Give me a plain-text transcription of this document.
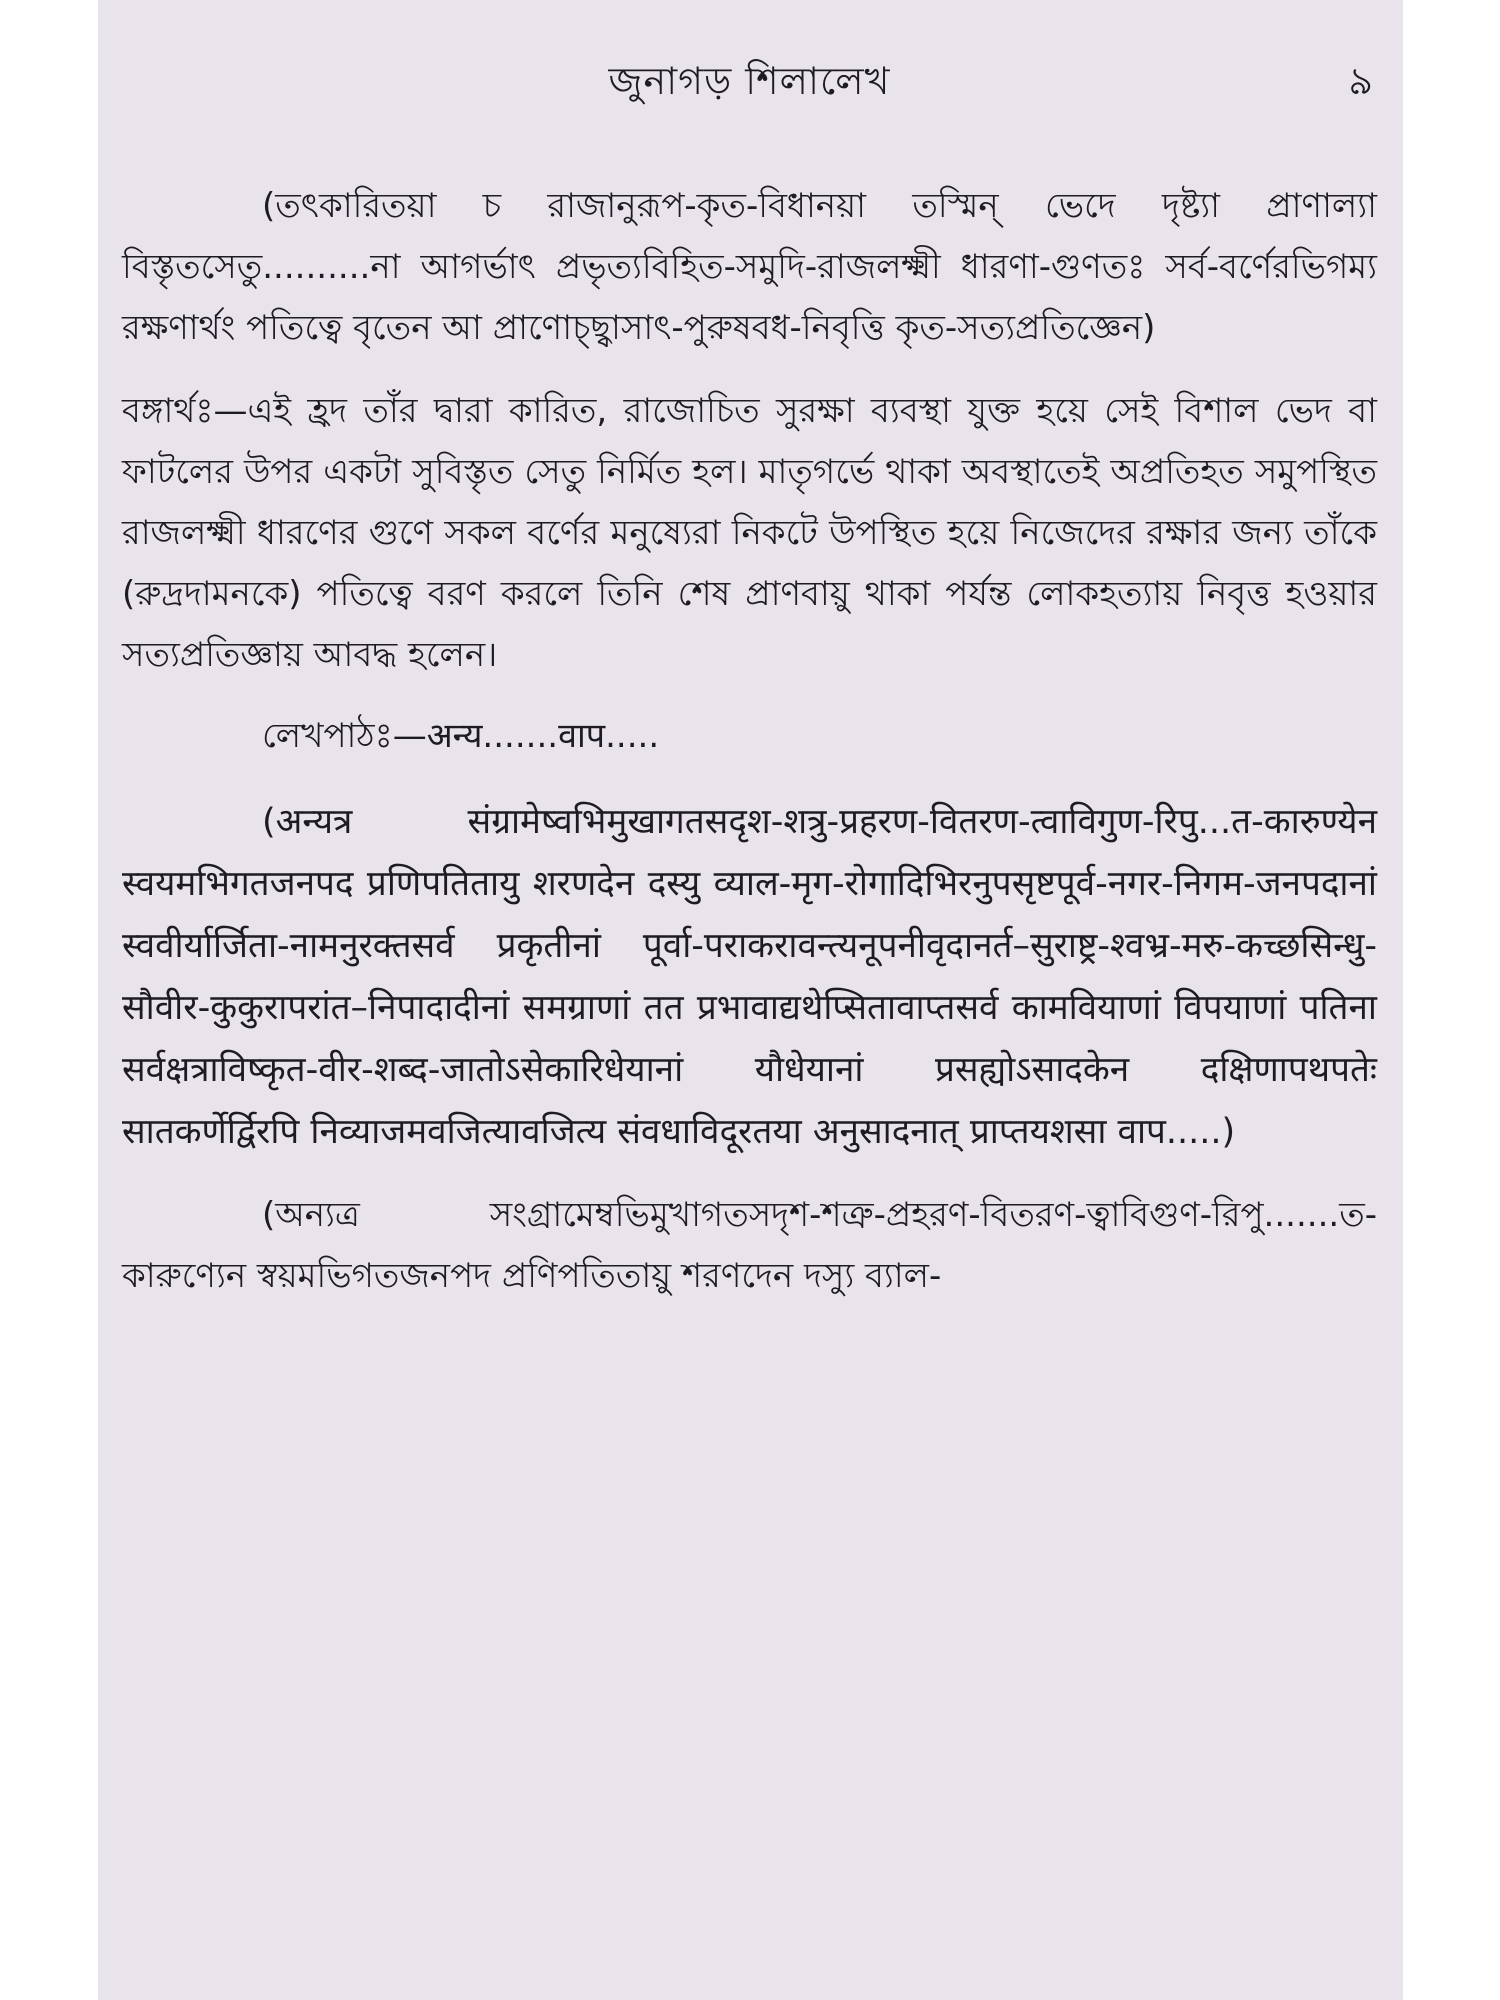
জুনাগড় শিলালেখ	৯

(তৎকারিতয়া চ রাজানুরূপ-কৃত-বিধানয়া তস্মিন্ ভেদে দৃষ্ট্যা প্রাণাল্যা বিস্তৃতসেতু..........না আগর্ভাৎ প্রভৃত্যবিহিত-সমুদি-রাজলক্ষ্মী ধারণা-গুণতঃ সর্ব-বর্ণেরভিগম্য রক্ষণার্থং পতিত্বে বৃতেন আ প্রাণোচ্ছ্বাসাৎ-পুরুষবধ-নিবৃত্তি কৃত-সত্যপ্রতিজ্ঞেন)

বঙ্গার্থঃ—এই হ্রদ তাঁর দ্বারা কারিত, রাজোচিত সুরক্ষা ব্যবস্থা যুক্ত হয়ে সেই বিশাল ভেদ বা ফাটলের উপর একটা সুবিস্তৃত সেতু নির্মিত হল। মাতৃগর্ভে থাকা অবস্থাতেই অপ্রতিহত সমুপস্থিত রাজলক্ষ্মী ধারণের গুণে সকল বর্ণের মনুষ্যেরা নিকটে উপস্থিত হয়ে নিজেদের রক্ষার জন্য তাঁকে (রুদ্রদামনকে) পতিত্বে বরণ করলে তিনি শেষ প্রাণবায়ু থাকা পর্যন্ত লোকহত্যায় নিবৃত্ত হওয়ার সত্যপ্রতিজ্ঞায় আবদ্ধ হলেন।

লেখপাঠঃ—अन्य.......वाप.....

(अन्यत्र संग्रामेष्वभिमुखागतसदृश-शत्रु-प्रहरण-वितरण-त्वाविगुण-रिपु...त-कारुण्येन स्वयमभिगतजनपद प्रणिपतितायु शरणदेन दस्यु व्याल-मृग-रोगादिभिरनुपसृष्टपूर्व-नगर-निगम-जनपदानां स्ववीर्यार्जिता-नामनुरक्तसर्व प्रकृतीनां पूर्वा-पराकरावन्त्यनूपनीवृदानर्त–सुराष्ट्र-श्वभ्र-मरु-कच्छसिन्धु-सौवीर-कुकुरापरांत–निपादादीनां समग्राणां तत प्रभावाद्यथेप्सितावाप्तसर्व कामवियाणां विपयाणां पतिना सर्वक्षत्राविष्कृत-वीर-शब्द-जातोऽसेकारिधेयानां यौधेयानां प्रसह्योऽसादकेन दक्षिणापथपतेः सातकर्णेर्द्विरपि निव्याजमवजित्यावजित्य संवधाविदूरतया अनुसादनात् प्राप्तयशसा वाप.....)

(অন্যত্র সংগ্রামেম্বভিমুখাগতসদৃশ-শত্রু-প্রহরণ-বিতরণ-ত্বাবিগুণ-রিপু.......ত-কারুণ্যেন স্বয়মভিগতজনপদ প্রণিপতিতায়ু শরণদেন দস্যু ব্যাল-
